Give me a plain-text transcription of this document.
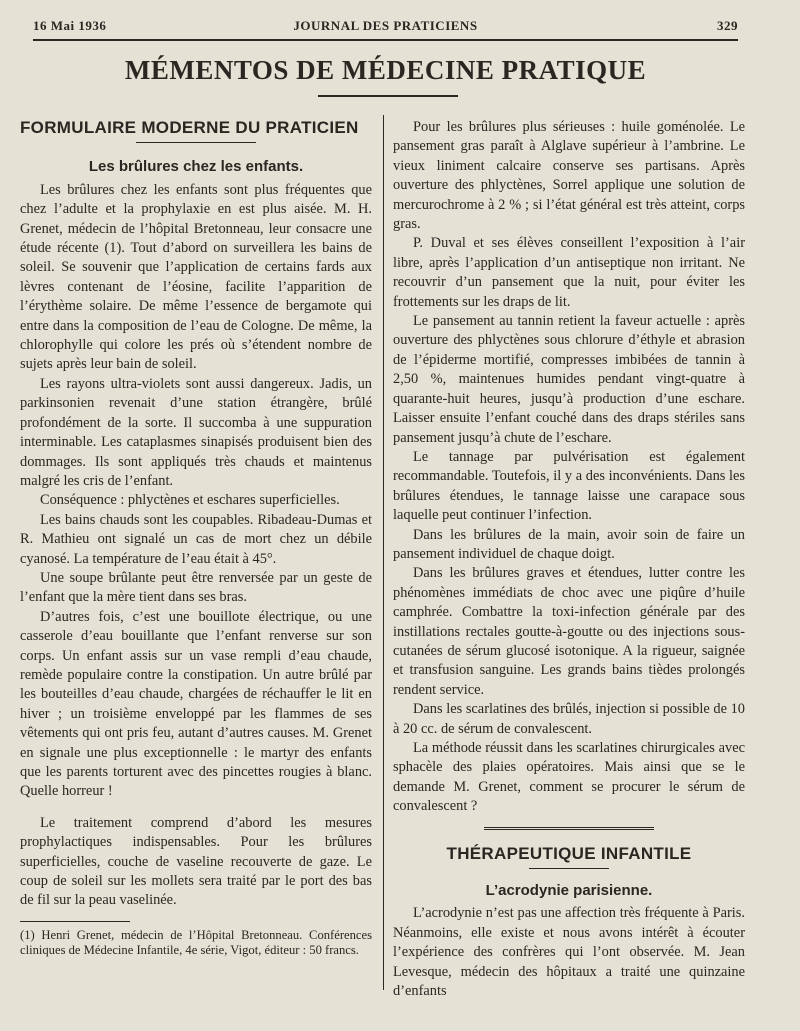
16 Mai 1936	JOURNAL DES PRATICIENS	329
MÉMENTOS DE MÉDECINE PRATIQUE
FORMULAIRE MODERNE DU PRATICIEN
Les brûlures chez les enfants.

Les brûlures chez les enfants sont plus fréquentes que chez l’adulte et la prophylaxie en est plus aisée. M. H. Grenet, médecin de l’hôpital Bretonneau, leur consacre une étude récente (1). Tout d’abord on surveillera les bains de soleil. Se souvenir que l’application de certains fards aux lèvres contenant de l’éosine, facilite l’apparition de l’érythème solaire. De même l’essence de bergamote qui entre dans la composition de l’eau de Cologne. De même, la chlorophylle qui colore les prés où s’étendent nombre de sujets après leur bain de soleil.

Les rayons ultra-violets sont aussi dangereux. Jadis, un parkinsonien revenait d’une station étrangère, brûlé profondément de la sorte. Il succomba à une suppuration interminable. Les cataplasmes sinapisés produisent bien des dommages. Ils sont appliqués très chauds et maintenus malgré les cris de l’enfant.

Conséquence : phlyctènes et eschares superficielles.

Les bains chauds sont les coupables. Ribadeau-Dumas et R. Mathieu ont signalé un cas de mort chez un débile cyanosé. La température de l’eau était à 45°.

Une soupe brûlante peut être renversée par un geste de l’enfant que la mère tient dans ses bras.

D’autres fois, c’est une bouillote électrique, ou une casserole d’eau bouillante que l’enfant renverse sur son corps. Un enfant assis sur un vase rempli d’eau chaude, remède populaire contre la constipation. Un autre brûlé par les bouteilles d’eau chaude, chargées de réchauffer le lit en hiver ; un troisième enveloppé par les flammes de ses vêtements qui ont pris feu, autant d’autres causes. M. Grenet en signale une plus exceptionnelle : le martyr des enfants que les parents torturent avec des pincettes rougies à blanc. Quelle horreur !

Le traitement comprend d’abord les mesures prophylactiques indispensables. Pour les brûlures superficielles, couche de vaseline recouverte de gaze. Le coup de soleil sur les mollets sera traité par le port des bas de fil sur la peau vaselinée.

(1) Henri Grenet, médecin de l’Hôpital Bretonneau. Conférences cliniques de Médecine Infantile, 4e série, Vigot, éditeur : 50 francs.

Pour les brûlures plus sérieuses : huile goménolée. Le pansement gras paraît à Alglave supérieur à l’ambrine. Le vieux liniment calcaire conserve ses partisans. Après ouverture des phlyctènes, Sorrel applique une solution de mercurochrome à 2 % ; si l’état général est très atteint, corps gras.

P. Duval et ses élèves conseillent l’exposition à l’air libre, après l’application d’un antiseptique non irritant. Ne recouvrir d’un pansement que la nuit, pour éviter les frottements sur les draps de lit.

Le pansement au tannin retient la faveur actuelle : après ouverture des phlyctènes sous chlorure d’éthyle et abrasion de l’épiderme mortifié, compresses imbibées de tannin à 2,50 %, maintenues humides pendant vingt-quatre à quarante-huit heures, jusqu’à production d’une eschare. Laisser ensuite l’enfant couché dans des draps stériles sans pansement jusqu’à chute de l’eschare.

Le tannage par pulvérisation est également recommandable. Toutefois, il y a des inconvénients. Dans les brûlures étendues, le tannage laisse une carapace sous laquelle peut continuer l’infection.

Dans les brûlures de la main, avoir soin de faire un pansement individuel de chaque doigt.

Dans les brûlures graves et étendues, lutter contre les phénomènes immédiats de choc avec une piqûre d’huile camphrée. Combattre la toxi-infection générale par des instillations rectales goutte-à-goutte ou des injections sous-cutanées de sérum glucosé isotonique. A la rigueur, saignée et transfusion sanguine. Les grands bains tièdes prolongés rendent service.

Dans les scarlatines des brûlés, injection si possible de 10 à 20 cc. de sérum de convalescent.

La méthode réussit dans les scarlatines chirurgicales avec sphacèle des plaies opératoires. Mais ainsi que se le demande M. Grenet, comment se procurer le sérum de convalescent ?

THÉRAPEUTIQUE INFANTILE
L’acrodynie parisienne.

L’acrodynie n’est pas une affection très fréquente à Paris. Néanmoins, elle existe et nous avons intérêt à écouter l’expérience des confrères qui l’ont observée. M. Jean Levesque, médecin des hôpitaux a traité une quinzaine d’enfants
